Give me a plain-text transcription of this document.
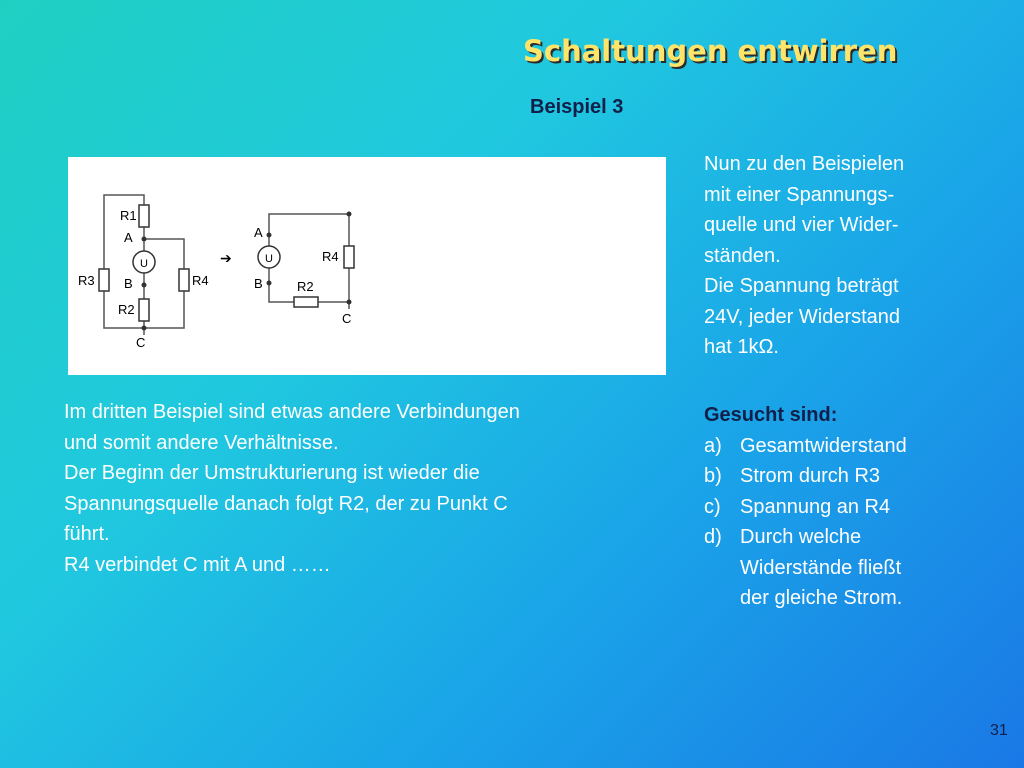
Schaltungen entwirren
Beispiel 3
R1
A
U
R3	R4
B
R2
C
➔
A
U
B
R4
R2
C
Nun zu den Beispielen
mit einer Spannungs-
quelle und vier Wider-
ständen.
Die Spannung beträgt
24V, jeder Widerstand
hat 1kΩ.
Im dritten Beispiel sind etwas andere Verbindungen
und somit andere Verhältnisse.
Der Beginn der Umstrukturierung ist wieder die
Spannungsquelle danach folgt R2, der zu Punkt C
führt.
R4 verbindet C mit A und ……
Gesucht sind:
a) Gesamtwiderstand
b) Strom durch R3
c) Spannung an R4
d) Durch welche
Widerstände fließt
der gleiche Strom.
31
